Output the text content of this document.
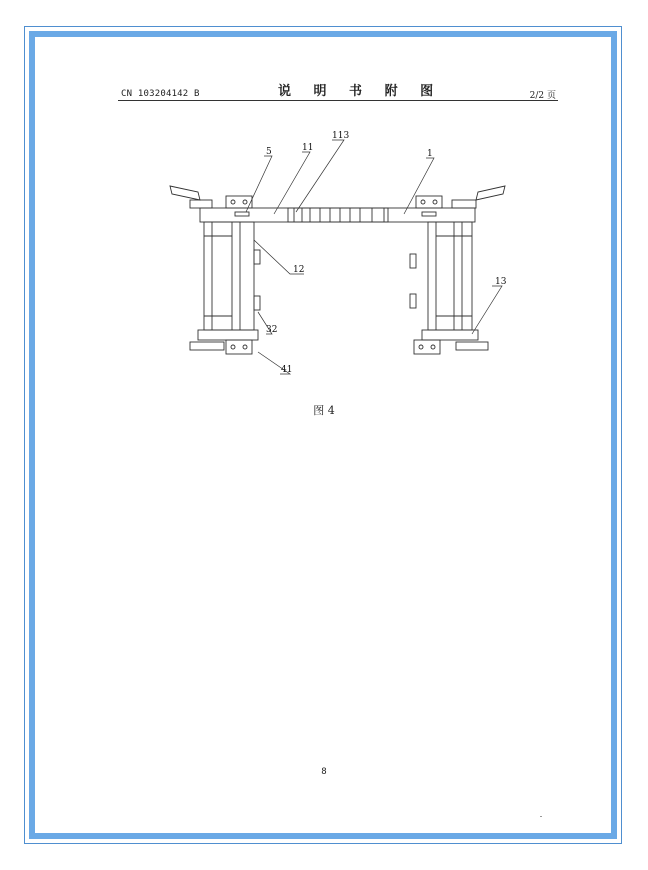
CN 103204142 B	说 明 书 附 图	2/2 页
5	11
113
1
12
13
32
41
图 4
8
